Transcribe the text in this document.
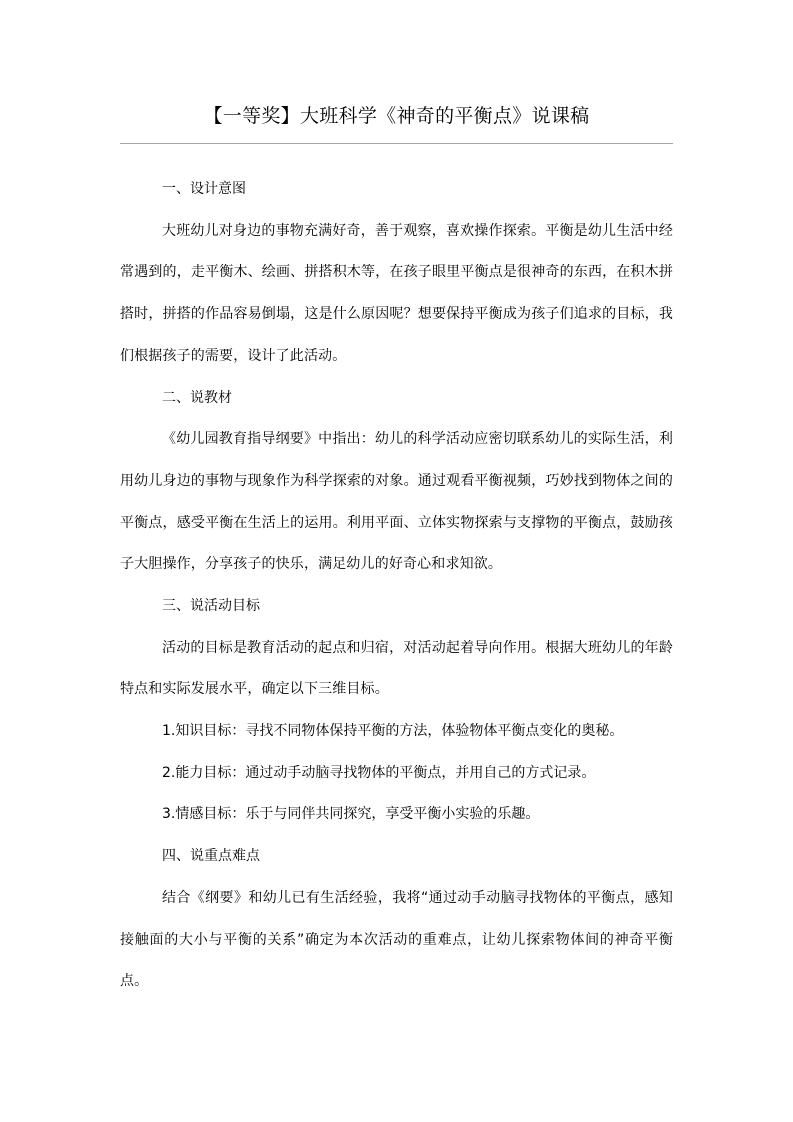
【一等奖】大班科学《神奇的平衡点》说课稿
一、设计意图

大班幼儿对身边的事物充满好奇，善于观察，喜欢操作探索。平衡是幼儿生活中经常遇到的，走平衡木、绘画、拼搭积木等，在孩子眼里平衡点是很神奇的东西，在积木拼搭时，拼搭的作品容易倒塌，这是什么原因呢？想要保持平衡成为孩子们追求的目标，我们根据孩子的需要，设计了此活动。

二、说教材

《幼儿园教育指导纲要》中指出：幼儿的科学活动应密切联系幼儿的实际生活，利用幼儿身边的事物与现象作为科学探索的对象。通过观看平衡视频，巧妙找到物体之间的平衡点，感受平衡在生活上的运用。利用平面、立体实物探索与支撑物的平衡点，鼓励孩子大胆操作，分享孩子的快乐，满足幼儿的好奇心和求知欲。

三、说活动目标

活动的目标是教育活动的起点和归宿，对活动起着导向作用。根据大班幼儿的年龄特点和实际发展水平，确定以下三维目标。

1.知识目标：寻找不同物体保持平衡的方法，体验物体平衡点变化的奥秘。
2.能力目标：通过动手动脑寻找物体的平衡点，并用自己的方式记录。
3.情感目标：乐于与同伴共同探究，享受平衡小实验的乐趣。
四、说重点难点

结合《纲要》和幼儿已有生活经验，我将“通过动手动脑寻找物体的平衡点，感知接触面的大小与平衡的关系”确定为本次活动的重难点，让幼儿探索物体间的神奇平衡点。
